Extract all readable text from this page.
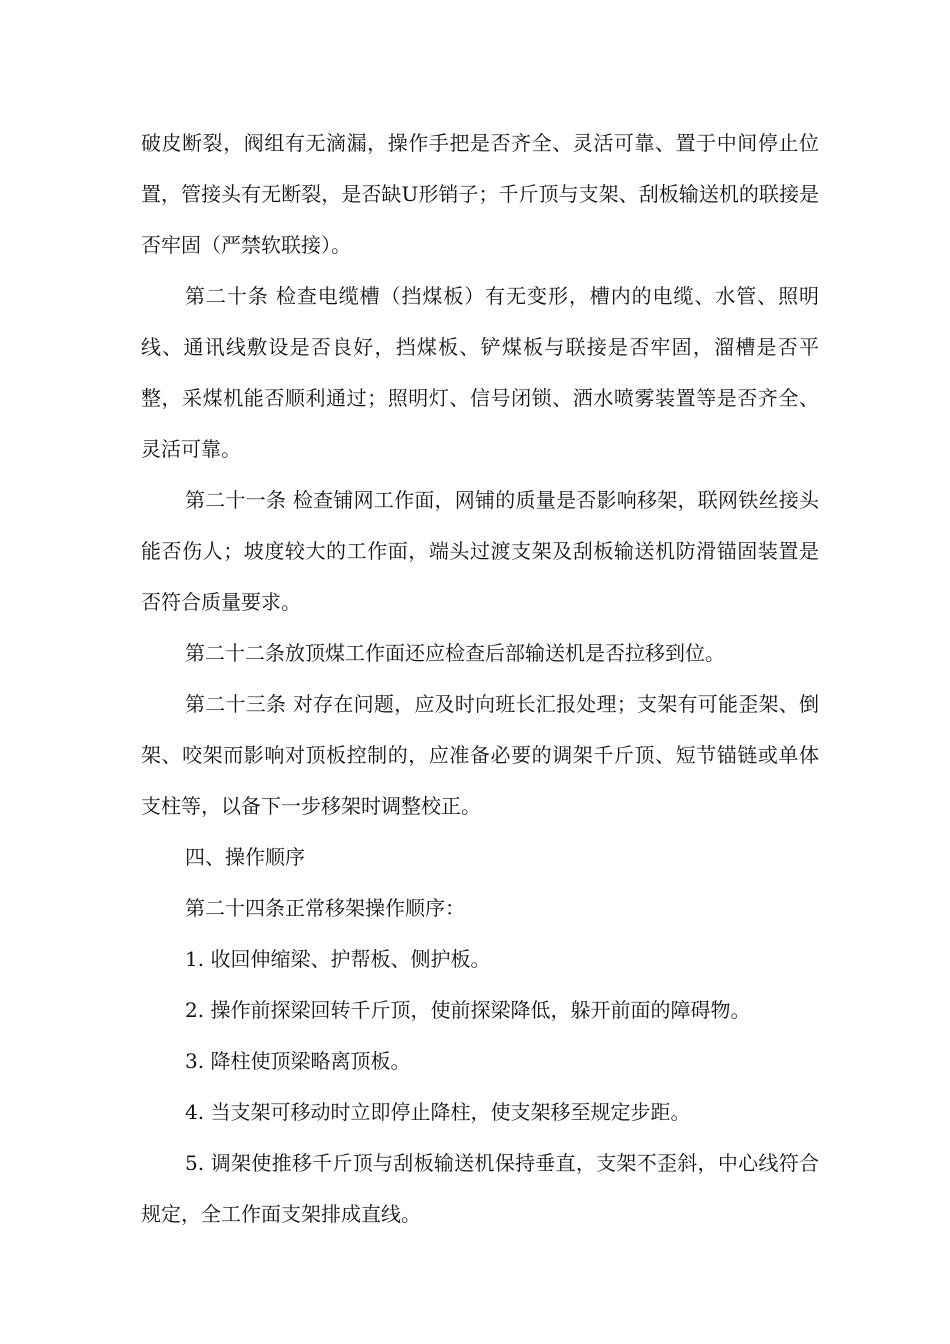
破皮断裂，阀组有无滴漏，操作手把是否齐全、灵活可靠、置于中间停止位置，管接头有无断裂，是否缺U形销子；千斤顶与支架、刮板输送机的联接是否牢固（严禁软联接）。

第二十条 检查电缆槽（挡煤板）有无变形，槽内的电缆、水管、照明线、通讯线敷设是否良好，挡煤板、铲煤板与联接是否牢固，溜槽是否平整，采煤机能否顺利通过；照明灯、信号闭锁、洒水喷雾装置等是否齐全、灵活可靠。

第二十一条 检查铺网工作面，网铺的质量是否影响移架，联网铁丝接头能否伤人；坡度较大的工作面，端头过渡支架及刮板输送机防滑锚固装置是否符合质量要求。

第二十二条放顶煤工作面还应检查后部输送机是否拉移到位。

第二十三条 对存在问题，应及时向班长汇报处理；支架有可能歪架、倒架、咬架而影响对顶板控制的，应准备必要的调架千斤顶、短节锚链或单体支柱等，以备下一步移架时调整校正。

四、操作顺序

第二十四条正常移架操作顺序：

1. 收回伸缩梁、护帮板、侧护板。

2. 操作前探梁回转千斤顶，使前探梁降低，躲开前面的障碍物。

3. 降柱使顶梁略离顶板。

4. 当支架可移动时立即停止降柱，使支架移至规定步距。

5. 调架使推移千斤顶与刮板输送机保持垂直，支架不歪斜，中心线符合规定，全工作面支架排成直线。
